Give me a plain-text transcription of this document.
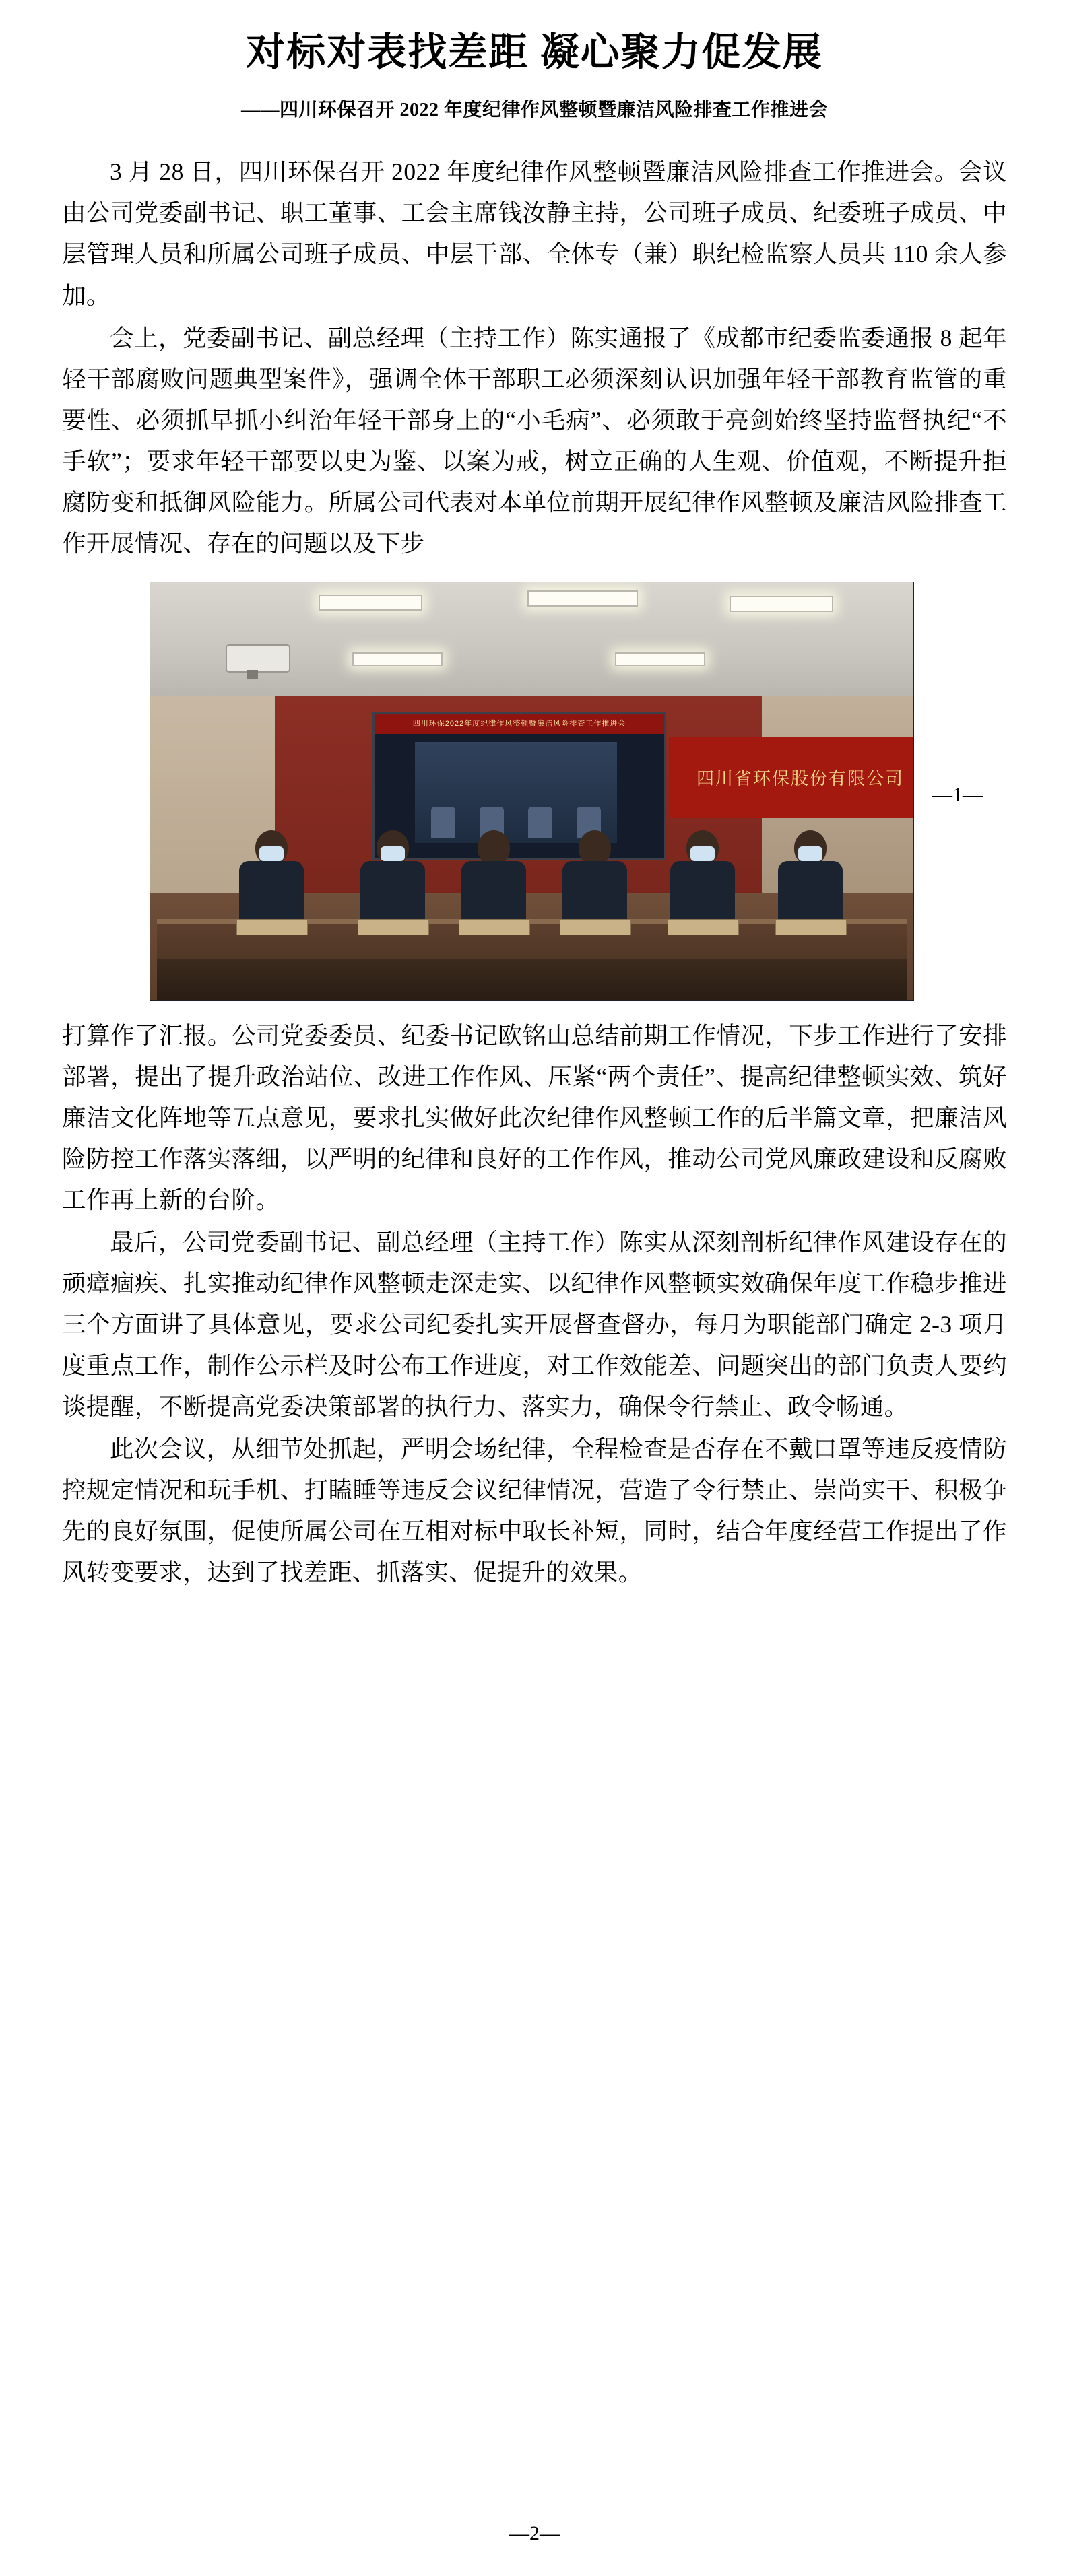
对标对表找差距 凝心聚力促发展
——四川环保召开 2022 年度纪律作风整顿暨廉洁风险排查工作推进会

3 月 28 日，四川环保召开 2022 年度纪律作风整顿暨廉洁风险排查工作推进会。会议由公司党委副书记、职工董事、工会主席钱汝静主持，公司班子成员、纪委班子成员、中层管理人员和所属公司班子成员、中层干部、全体专（兼）职纪检监察人员共 110 余人参加。

会上，党委副书记、副总经理（主持工作）陈实通报了《成都市纪委监委通报 8 起年轻干部腐败问题典型案件》，强调全体干部职工必须深刻认识加强年轻干部教育监管的重要性、必须抓早抓小纠治年轻干部身上的“小毛病”、必须敢于亮剑始终坚持监督执纪“不手软”；要求年轻干部要以史为鉴、以案为戒，树立正确的人生观、价值观，不断提升拒腐防变和抵御风险能力。所属公司代表对本单位前期开展纪律作风整顿及廉洁风险排查工作开展情况、存在的问题以及下步

四川环保2022年度纪律作风整顿暨廉洁风险排查工作推进会
四川省环保股份有限公司
—1—

打算作了汇报。公司党委委员、纪委书记欧铭山总结前期工作情况，下步工作进行了安排部署，提出了提升政治站位、改进工作作风、压紧“两个责任”、提高纪律整顿实效、筑好廉洁文化阵地等五点意见，要求扎实做好此次纪律作风整顿工作的后半篇文章，把廉洁风险防控工作落实落细，以严明的纪律和良好的工作作风，推动公司党风廉政建设和反腐败工作再上新的台阶。

最后，公司党委副书记、副总经理（主持工作）陈实从深刻剖析纪律作风建设存在的顽瘴痼疾、扎实推动纪律作风整顿走深走实、以纪律作风整顿实效确保年度工作稳步推进三个方面讲了具体意见，要求公司纪委扎实开展督查督办，每月为职能部门确定 2-3 项月度重点工作，制作公示栏及时公布工作进度，对工作效能差、问题突出的部门负责人要约谈提醒，不断提高党委决策部署的执行力、落实力，确保令行禁止、政令畅通。

此次会议，从细节处抓起，严明会场纪律，全程检查是否存在不戴口罩等违反疫情防控规定情况和玩手机、打瞌睡等违反会议纪律情况，营造了令行禁止、崇尚实干、积极争先的良好氛围，促使所属公司在互相对标中取长补短，同时，结合年度经营工作提出了作风转变要求，达到了找差距、抓落实、促提升的效果。

—2—
